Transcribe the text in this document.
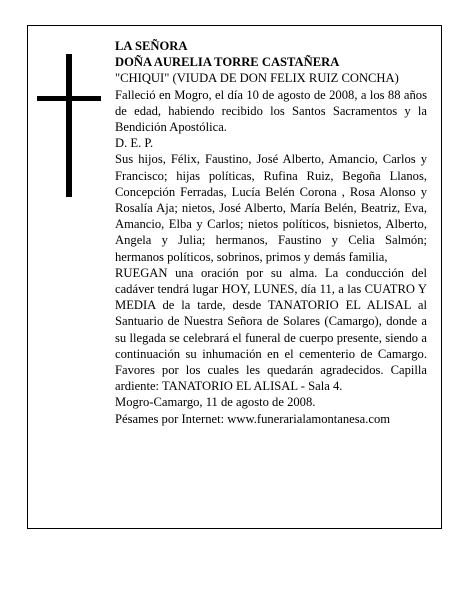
LA SEÑORA

DOÑA AURELIA TORRE CASTAÑERA

"CHIQUI" (VIUDA DE DON FELIX RUIZ CONCHA)

Falleció en Mogro, el día 10 de agosto de 2008, a los 88 años de edad, habiendo recibido los Santos Sacramentos y la Bendición Apostólica.

D. E. P.

Sus hijos, Félix, Faustino, José Alberto, Amancio, Carlos y Francisco; hijas políticas, Rufina Ruiz, Begoña Llanos, Concepción Ferradas, Lucía Belén Corona , Rosa Alonso y Rosalía Aja; nietos, José Alberto, María Belén, Beatriz, Eva, Amancio, Elba y Carlos; nietos políticos, bisnietos, Alberto, Angela y Julia; hermanos, Faustino y Celia Salmón; hermanos políticos, sobrinos, primos y demás familia,

RUEGAN una oración por su alma. La conducción del cadáver tendrá lugar HOY, LUNES, día 11, a las CUATRO Y MEDIA de la tarde, desde TANATORIO EL ALISAL al Santuario de Nuestra Señora de Solares (Camargo), donde a su llegada se celebrará el funeral de cuerpo presente, siendo a continuación su inhumación en el cementerio de Camargo. Favores por los cuales les quedarán agradecidos. Capilla ardiente: TANATORIO EL ALISAL - Sala 4.

Mogro-Camargo, 11 de agosto de 2008.

Pésames por Internet: www.funerarialamontanesa.com
